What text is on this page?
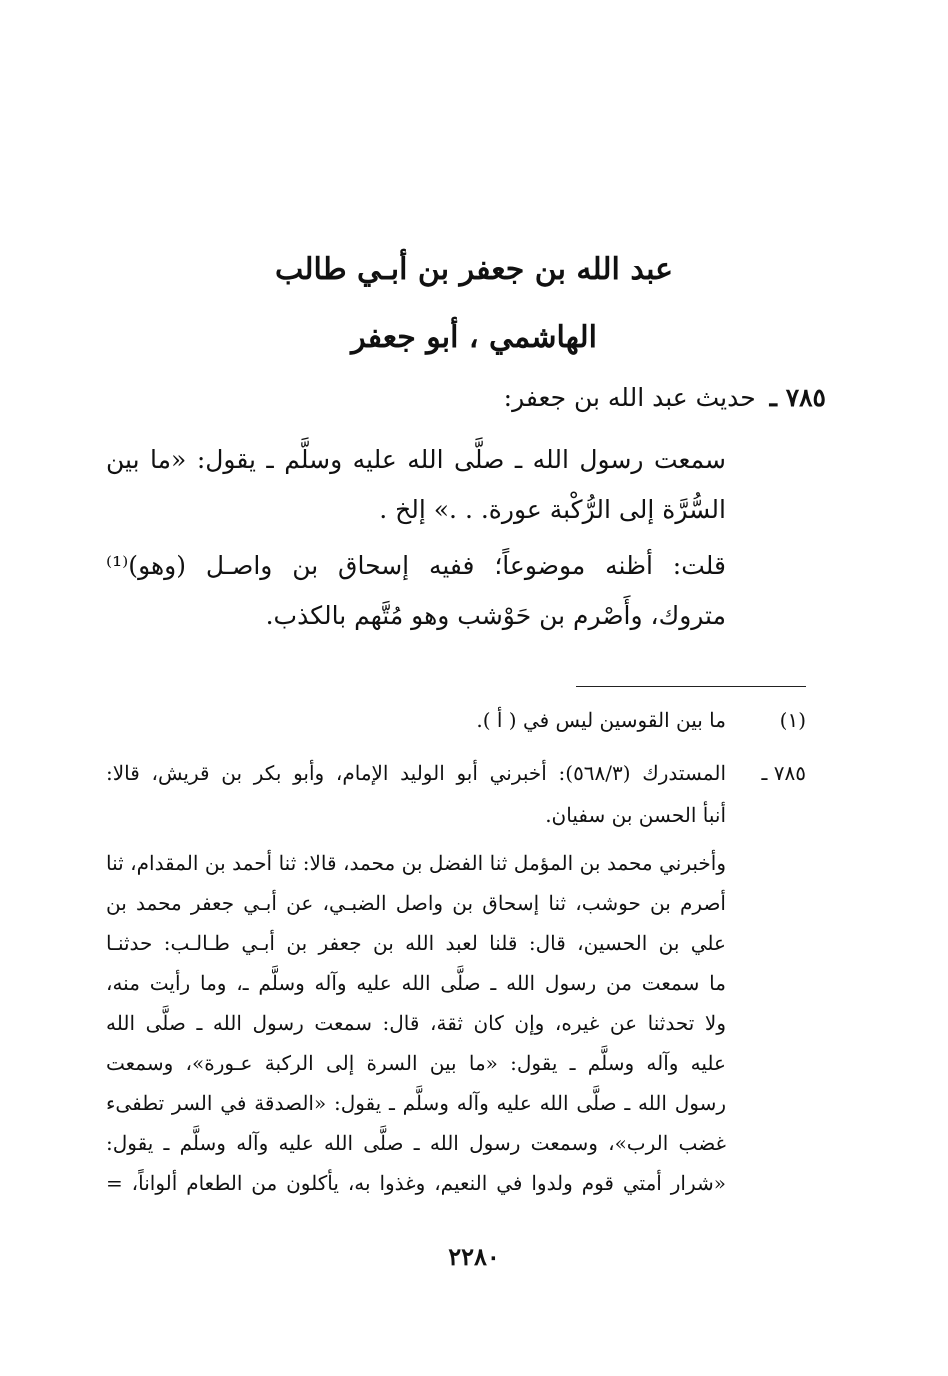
عبد الله بن جعفر بن أبـي طالب
الهاشمي ، أبو جعفر
٧٨٥ ـ حديث عبد الله بن جعفر:
سمعت رسول الله ـ صلَّى الله عليه وسلَّم ـ يقول: «ما بين
السُّرَّة إلى الرُّكْبة عورة. . .» إلخ .
قلت: أظنه موضوعاً؛ ففيه إسحاق بن واصـل (وهو)⁽¹⁾
متروك، وأَصْرم بن حَوْشب وهو مُتَّهم بالكذب.
(١)
ما بين القوسين ليس في ( أ ).
٧٨٥ ـ
المستدرك (٥٦٨/٣): أخبرني أبو الوليد الإمام، وأبو بكر بن قريش، قالا:
أنبأ الحسن بن سفيان.
وأخبرني محمد بن المؤمل ثنا الفضل بن محمد، قالا: ثنا أحمد بن المقدام، ثنا
أصرم بن حوشب، ثنا إسحاق بن واصل الضبـي، عن أبـي جعفر محمد بن
علي بن الحسين، قال: قلنا لعبد الله بن جعفر بن أبـي طـالـب: حدثنـا
ما سمعت من رسول الله ـ صلَّى الله عليه وآله وسلَّم ـ، وما رأيت منه،
ولا تحدثنا عن غيره، وإن كان ثقة، قال: سمعت رسول الله ـ صلَّى الله
عليه وآله وسلَّم ـ يقول: «ما بين السرة إلى الركبة عـورة»، وسمعت
رسول الله ـ صلَّى الله عليه وآله وسلَّم ـ يقول: «الصدقة في السر تطفىء
غضب الرب»، وسمعت رسول الله ـ صلَّى الله عليه وآله وسلَّم ـ يقول:
«شرار أمتي قوم ولدوا في النعيم، وغذوا به، يأكلون من الطعام ألواناً، =
٢٢٨٠
